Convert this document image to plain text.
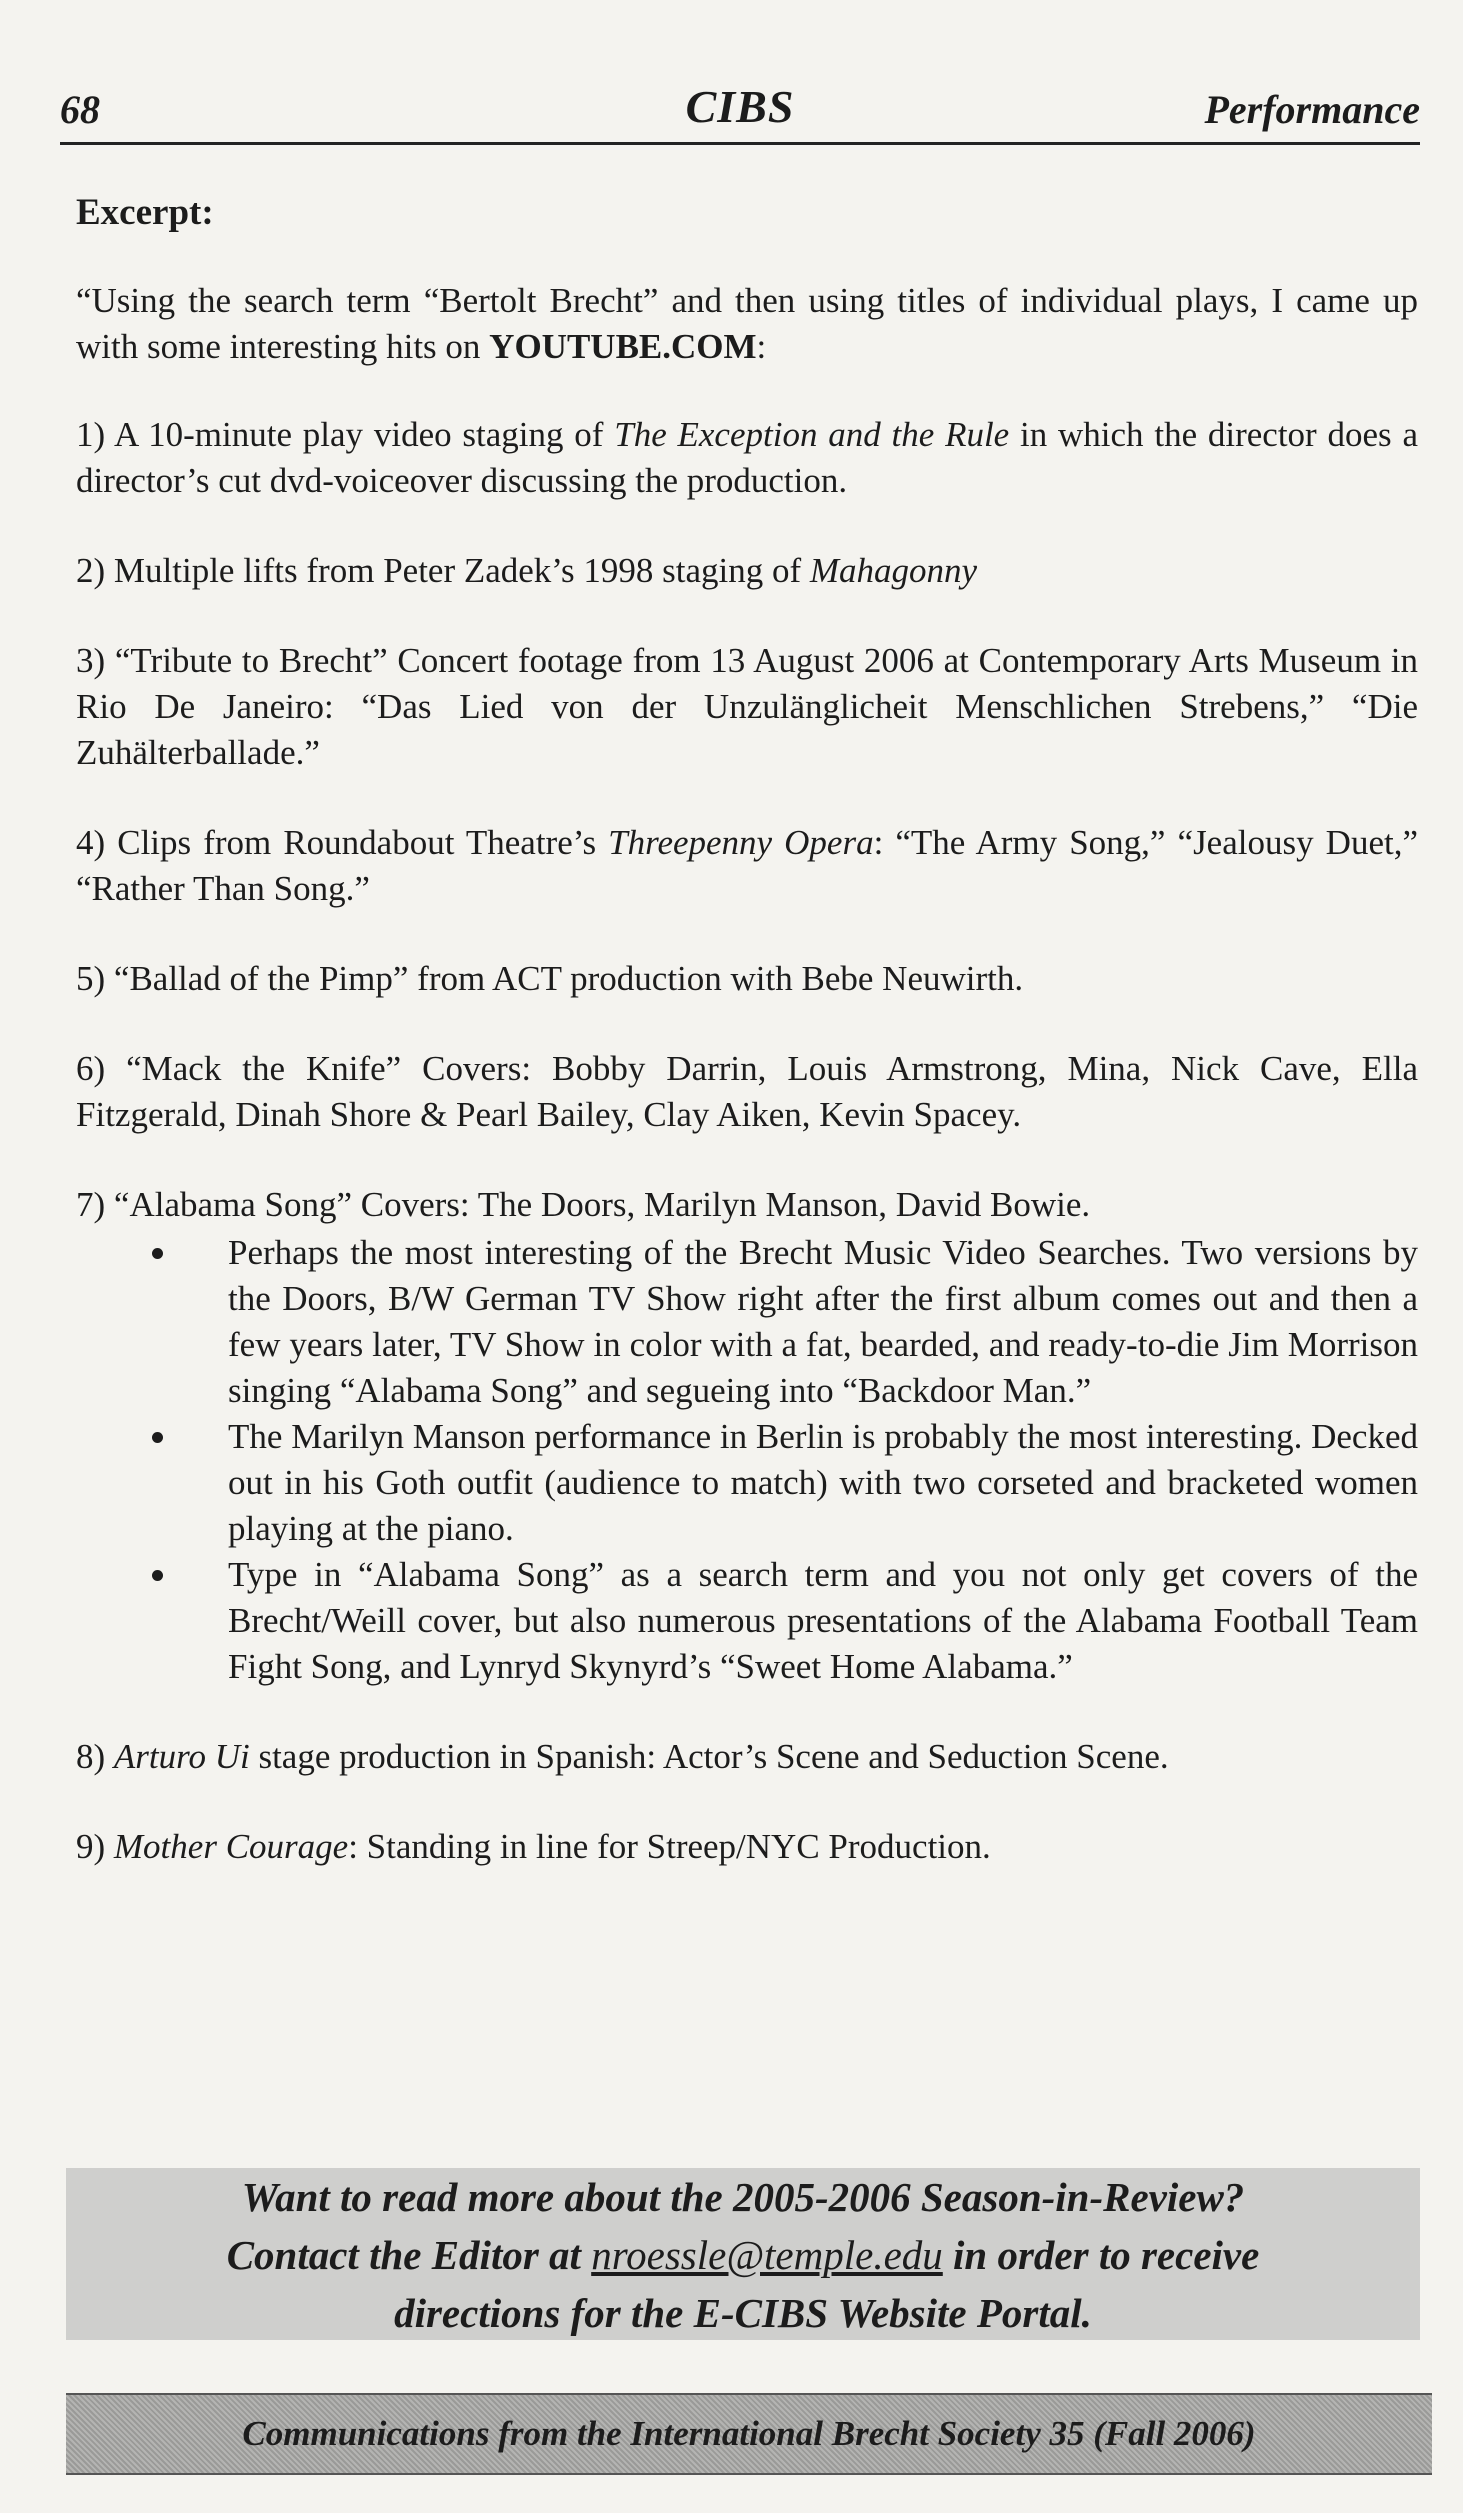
68	CIBS	Performance

Excerpt:

“Using the search term “Bertolt Brecht” and then using titles of individual plays, I came up with some interesting hits on YOUTUBE.COM:

1) A 10-minute play video staging of The Exception and the Rule in which the director does a director’s cut dvd-voiceover discussing the production.

2) Multiple lifts from Peter Zadek’s 1998 staging of Mahagonny

3) “Tribute to Brecht” Concert footage from 13 August 2006 at Contemporary Arts Museum in Rio De Janeiro: “Das Lied von der Unzulänglicheit Menschlichen Strebens,” “Die Zuhälterballade.”

4) Clips from Roundabout Theatre’s Threepenny Opera: “The Army Song,” “Jealousy Duet,” “Rather Than Song.”

5) “Ballad of the Pimp” from ACT production with Bebe Neuwirth.

6) “Mack the Knife” Covers: Bobby Darrin, Louis Armstrong, Mina, Nick Cave, Ella Fitzgerald, Dinah Shore & Pearl Bailey, Clay Aiken, Kevin Spacey.

7) “Alabama Song” Covers: The Doors, Marilyn Manson, David Bowie.

Perhaps the most interesting of the Brecht Music Video Searches. Two versions by the Doors, B/W German TV Show right after the first album comes out and then a few years later, TV Show in color with a fat, bearded, and ready-to-die Jim Morrison singing “Alabama Song” and segueing into “Backdoor Man.”
The Marilyn Manson performance in Berlin is probably the most interesting. Decked out in his Goth outfit (audience to match) with two corseted and bracketed women playing at the piano.
Type in “Alabama Song” as a search term and you not only get covers of the Brecht/Weill cover, but also numerous presentations of the Alabama Football Team Fight Song, and Lynryd Skynyrd’s “Sweet Home Alabama.”

8) Arturo Ui stage production in Spanish: Actor’s Scene and Seduction Scene.

9) Mother Courage: Standing in line for Streep/NYC Production.

Want to read more about the 2005-2006 Season-in-Review?
Contact the Editor at nroessle@temple.edu in order to receive
directions for the E-CIBS Website Portal.
Communications from the International Brecht Society 35 (Fall 2006)
